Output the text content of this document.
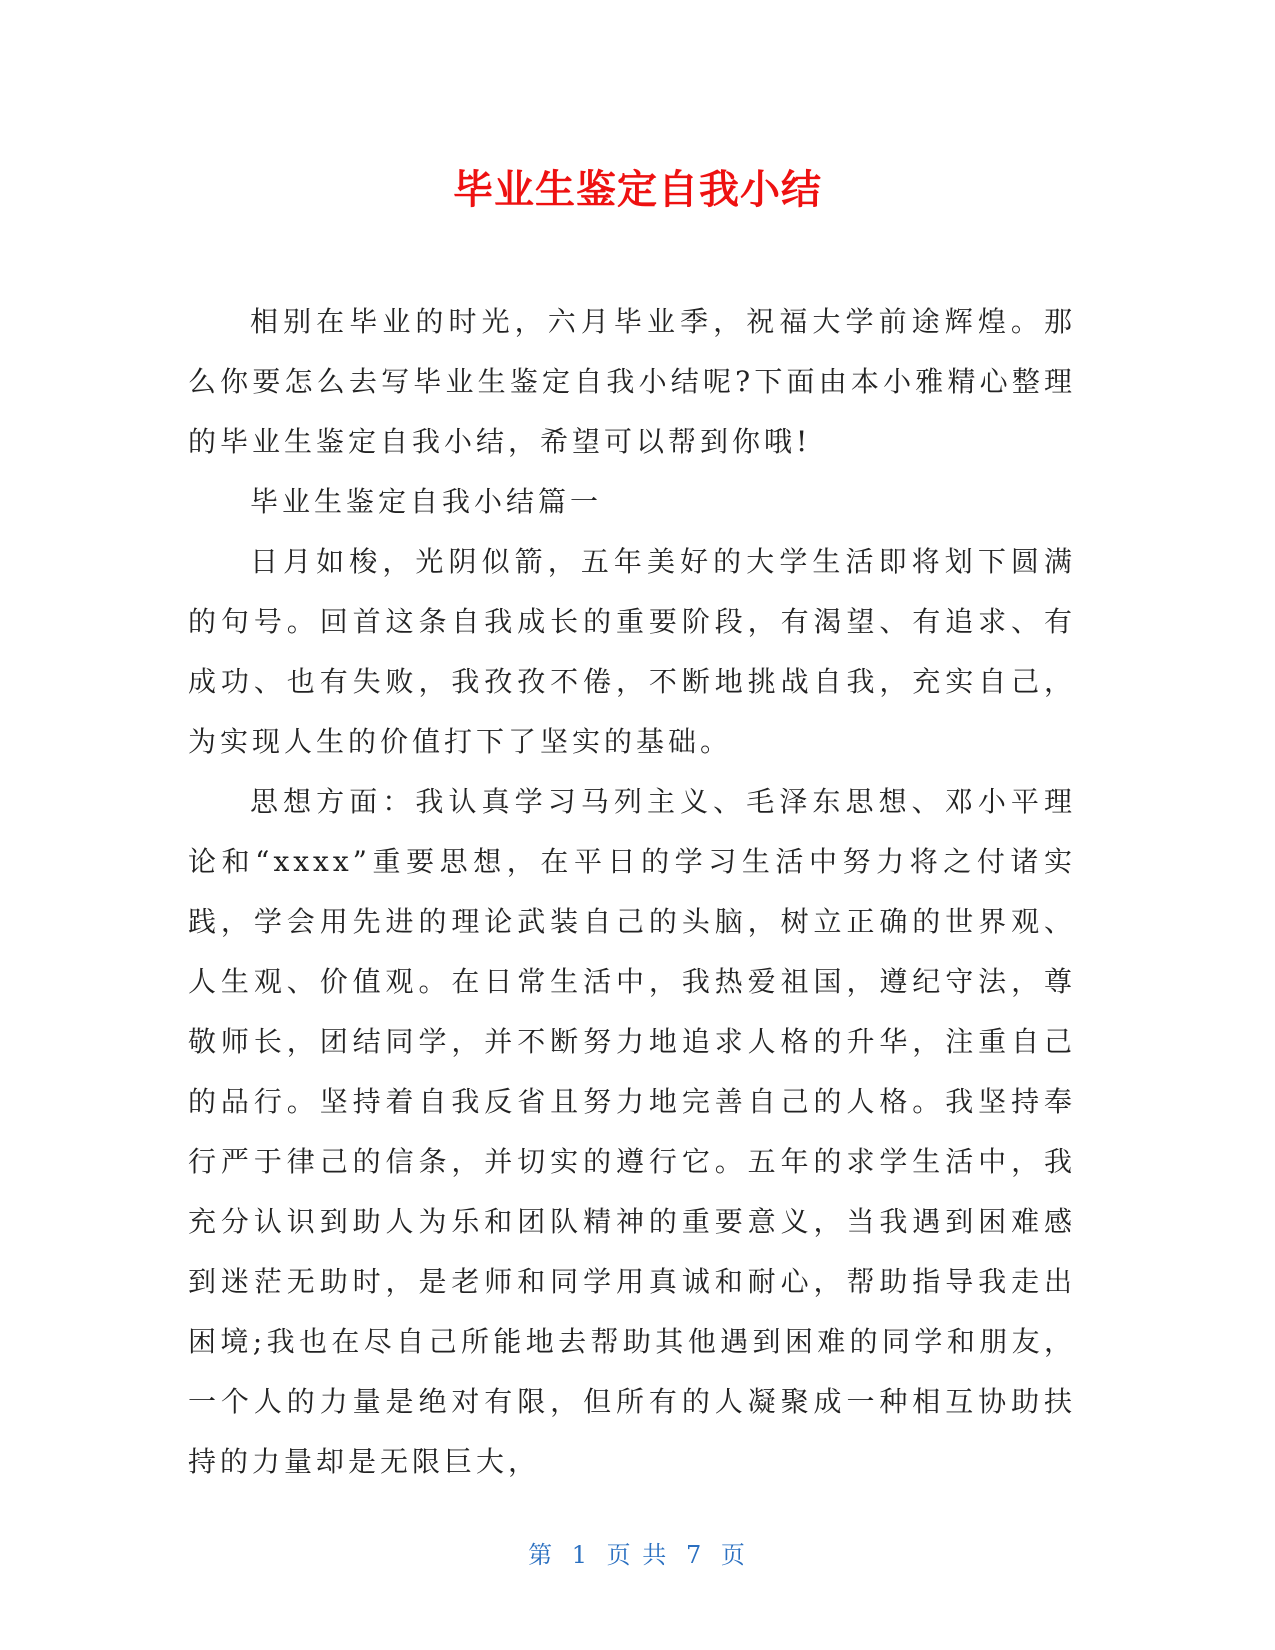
毕业生鉴定自我小结

相别在毕业的时光，六月毕业季，祝福大学前途辉煌。那么你要怎么去写毕业生鉴定自我小结呢?下面由本小雅精心整理的毕业生鉴定自我小结，希望可以帮到你哦!

毕业生鉴定自我小结篇一

日月如梭，光阴似箭，五年美好的大学生活即将划下圆满的句号。回首这条自我成长的重要阶段，有渴望、有追求、有成功、也有失败，我孜孜不倦，不断地挑战自我，充实自己，为实现人生的价值打下了坚实的基础。

思想方面：我认真学习马列主义、毛泽东思想、邓小平理论和“xxxx”重要思想，在平日的学习生活中努力将之付诸实践，学会用先进的理论武装自己的头脑，树立正确的世界观、人生观、价值观。在日常生活中，我热爱祖国，遵纪守法，尊敬师长，团结同学，并不断努力地追求人格的升华，注重自己的品行。坚持着自我反省且努力地完善自己的人格。我坚持奉行严于律己的信条，并切实的遵行它。五年的求学生活中，我充分认识到助人为乐和团队精神的重要意义，当我遇到困难感到迷茫无助时，是老师和同学用真诚和耐心，帮助指导我走出困境;我也在尽自己所能地去帮助其他遇到困难的同学和朋友，一个人的力量是绝对有限，但所有的人凝聚成一种相互协助扶持的力量却是无限巨大，

第 1 页 共 7 页
